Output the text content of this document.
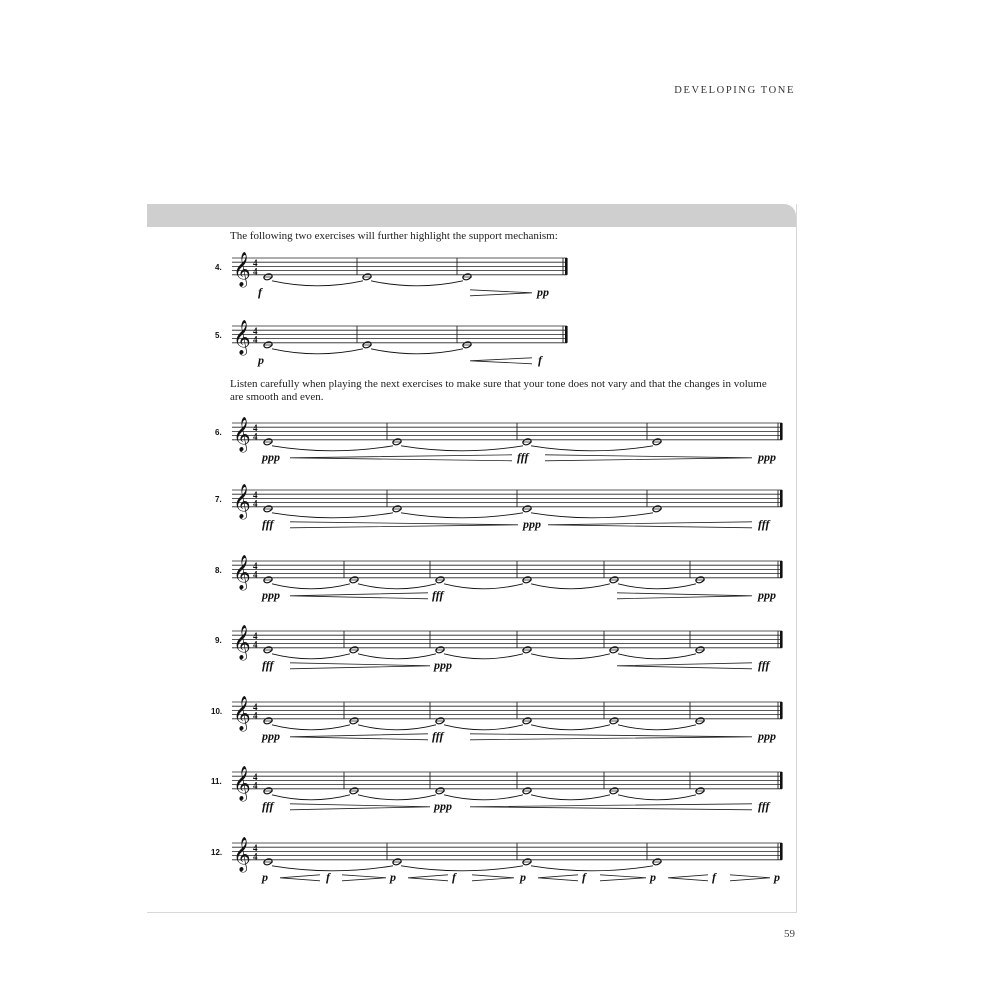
DEVELOPING TONE
The following two exercises will further highlight the support mechanism:
Listen carefully when playing the next exercises to make sure that your tone does not vary and that the changes in volume
are smooth and even.
𝄞 4
4
𝄞 4
4
𝄞 4
4
𝄞 4
4
𝄞 4
4
𝄞 4
4
𝄞 4
4
𝄞 4
4
𝄞 4
4
4.
f	pp
5.
p	f
6.
ppp	fff	ppp
7.
fff	ppp	fff
8.
ppp	fff	ppp
9.
fff	ppp	fff
10.
ppp	fff	ppp
11.
fff	ppp	fff
12.
p	f	p	f	p	f	p	f	p
59
